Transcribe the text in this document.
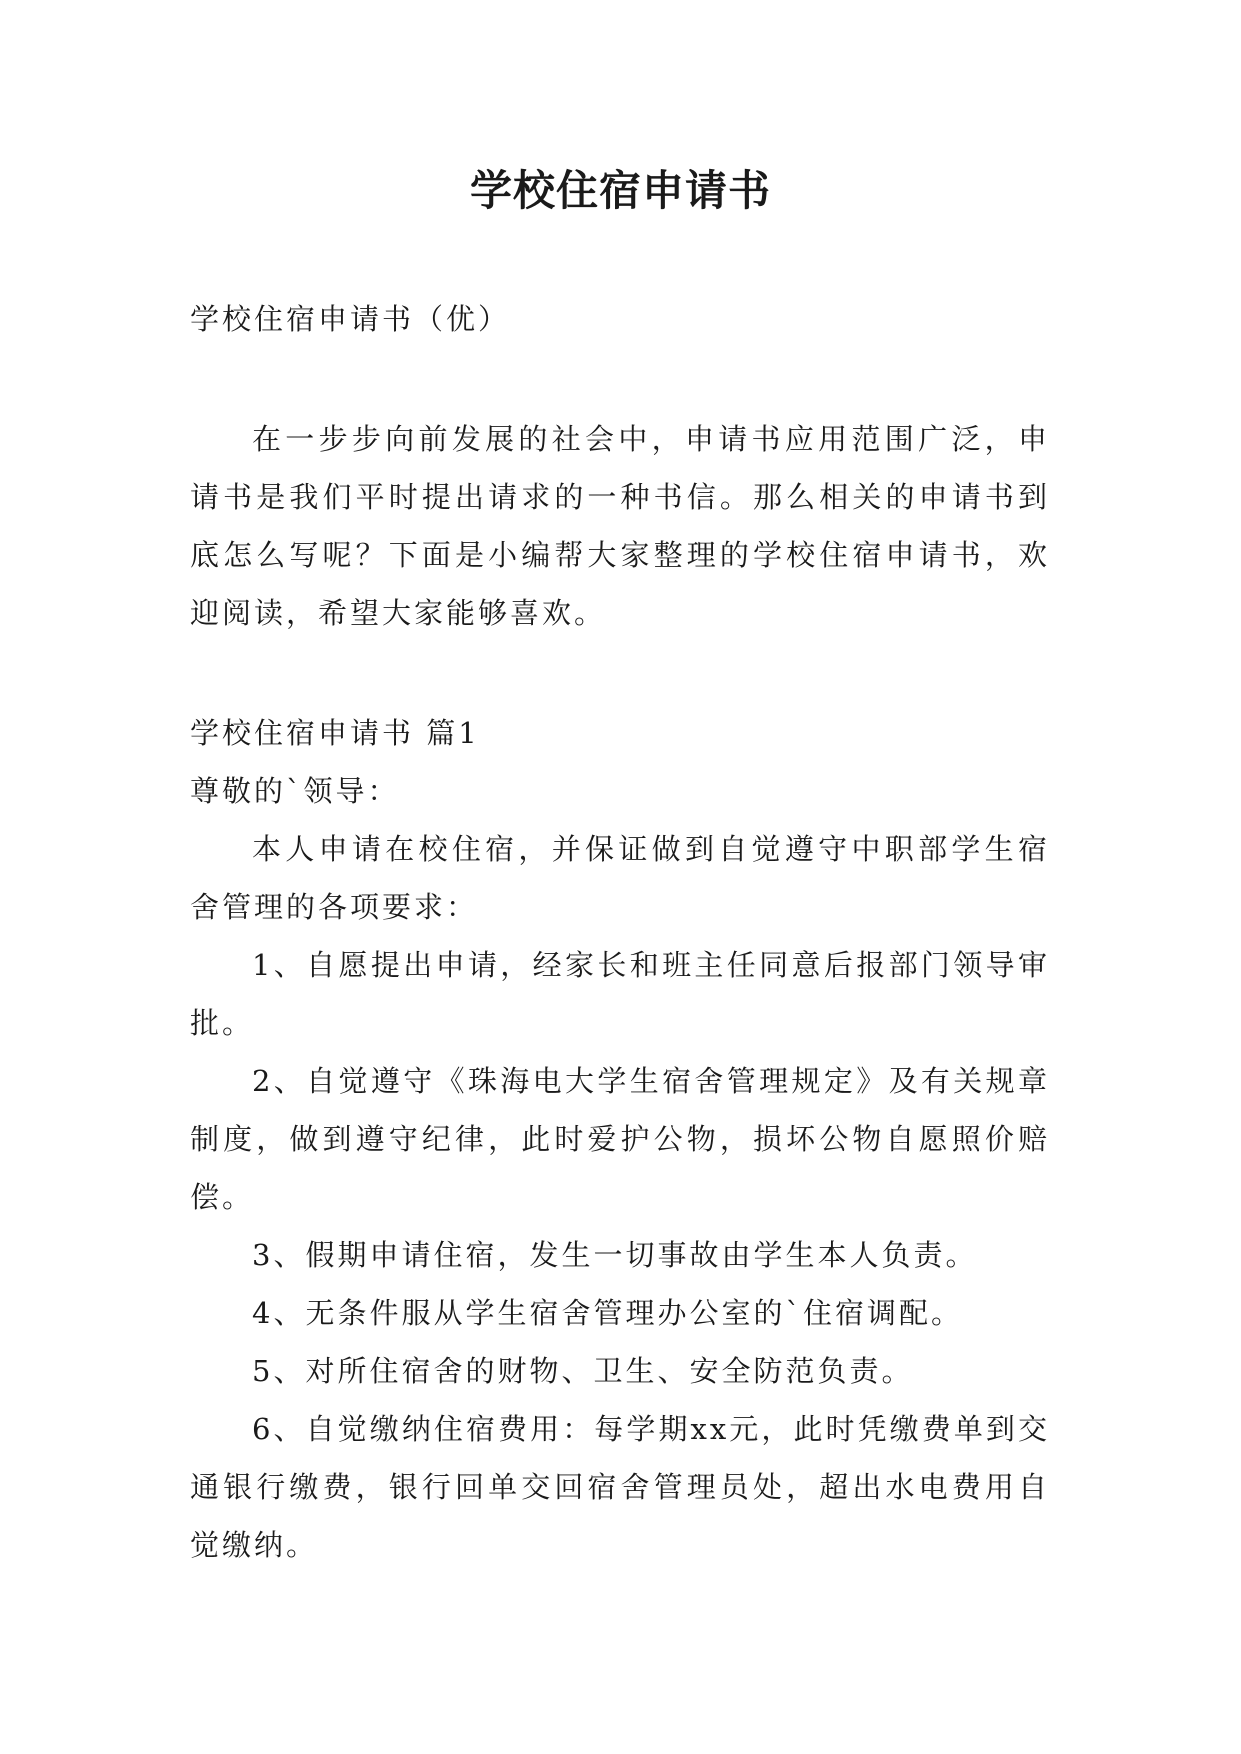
学校住宿申请书

学校住宿申请书（优）

在一步步向前发展的社会中，申请书应用范围广泛，申请书是我们平时提出请求的一种书信。那么相关的申请书到底怎么写呢？下面是小编帮大家整理的学校住宿申请书，欢迎阅读，希望大家能够喜欢。

学校住宿申请书 篇1

尊敬的`领导：

本人申请在校住宿，并保证做到自觉遵守中职部学生宿舍管理的各项要求：

1、自愿提出申请，经家长和班主任同意后报部门领导审批。

2、自觉遵守《珠海电大学生宿舍管理规定》及有关规章制度，做到遵守纪律，此时爱护公物，损坏公物自愿照价赔偿。

3、假期申请住宿，发生一切事故由学生本人负责。

4、无条件服从学生宿舍管理办公室的`住宿调配。

5、对所住宿舍的财物、卫生、安全防范负责。

6、自觉缴纳住宿费用：每学期xx元，此时凭缴费单到交通银行缴费，银行回单交回宿舍管理员处，超出水电费用自觉缴纳。
